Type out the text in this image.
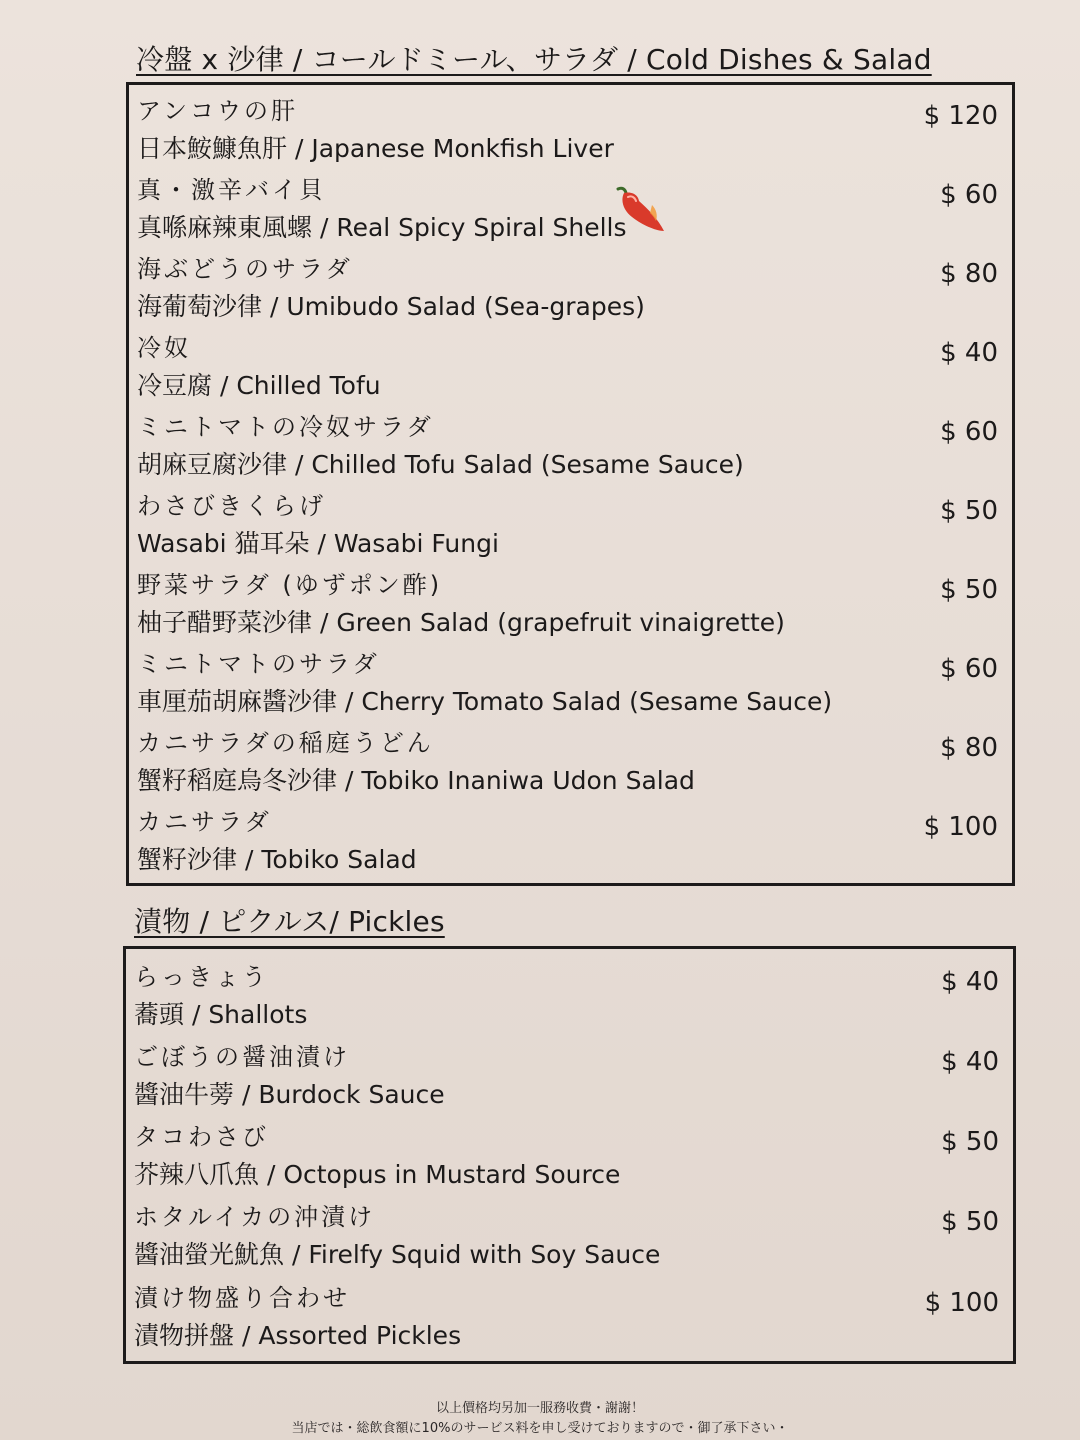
冷盤 x 沙律 / コールドミール、サラダ / Cold Dishes & Salad
アンコウの肝
日本鮟鱇魚肝 / Japanese Monkfish Liver
$ 120
真・激辛バイ貝
真喺麻辣東風螺 / Real Spicy Spiral Shells
$ 60
海ぶどうのサラダ
海葡萄沙律 / Umibudo Salad (Sea-grapes)
$ 80
冷奴
冷豆腐 / Chilled Tofu
$ 40
ミニトマトの冷奴サラダ
胡麻豆腐沙律 / Chilled Tofu Salad (Sesame Sauce)
$ 60
わさびきくらげ
Wasabi 猫耳朵 / Wasabi Fungi
$ 50
野菜サラダ (ゆずポン酢)
柚子醋野菜沙律 / Green Salad (grapefruit vinaigrette)
$ 50
ミニトマトのサラダ
車厘茄胡麻醬沙律 / Cherry Tomato Salad (Sesame Sauce)
$ 60
カニサラダの稲庭うどん
蟹籽稻庭烏冬沙律 / Tobiko Inaniwa Udon Salad
$ 80
カニサラダ
蟹籽沙律 / Tobiko Salad
$ 100
漬物 / ピクルス/ Pickles
らっきょう
蕎頭 / Shallots
$ 40
ごぼうの醤油漬け
醬油牛蒡 / Burdock Sauce
$ 40
タコわさび
芥辣八爪魚 / Octopus in Mustard Source
$ 50
ホタルイカの沖漬け
醬油螢光魷魚 / Firelfy Squid with Soy Sauce
$ 50
漬け物盛り合わせ
漬物拼盤 / Assorted Pickles
$ 100
以上價格均另加一服務收費・謝謝！
当店では・総飲食額に10%のサービス料を申し受けておりますので・御了承下さい・
